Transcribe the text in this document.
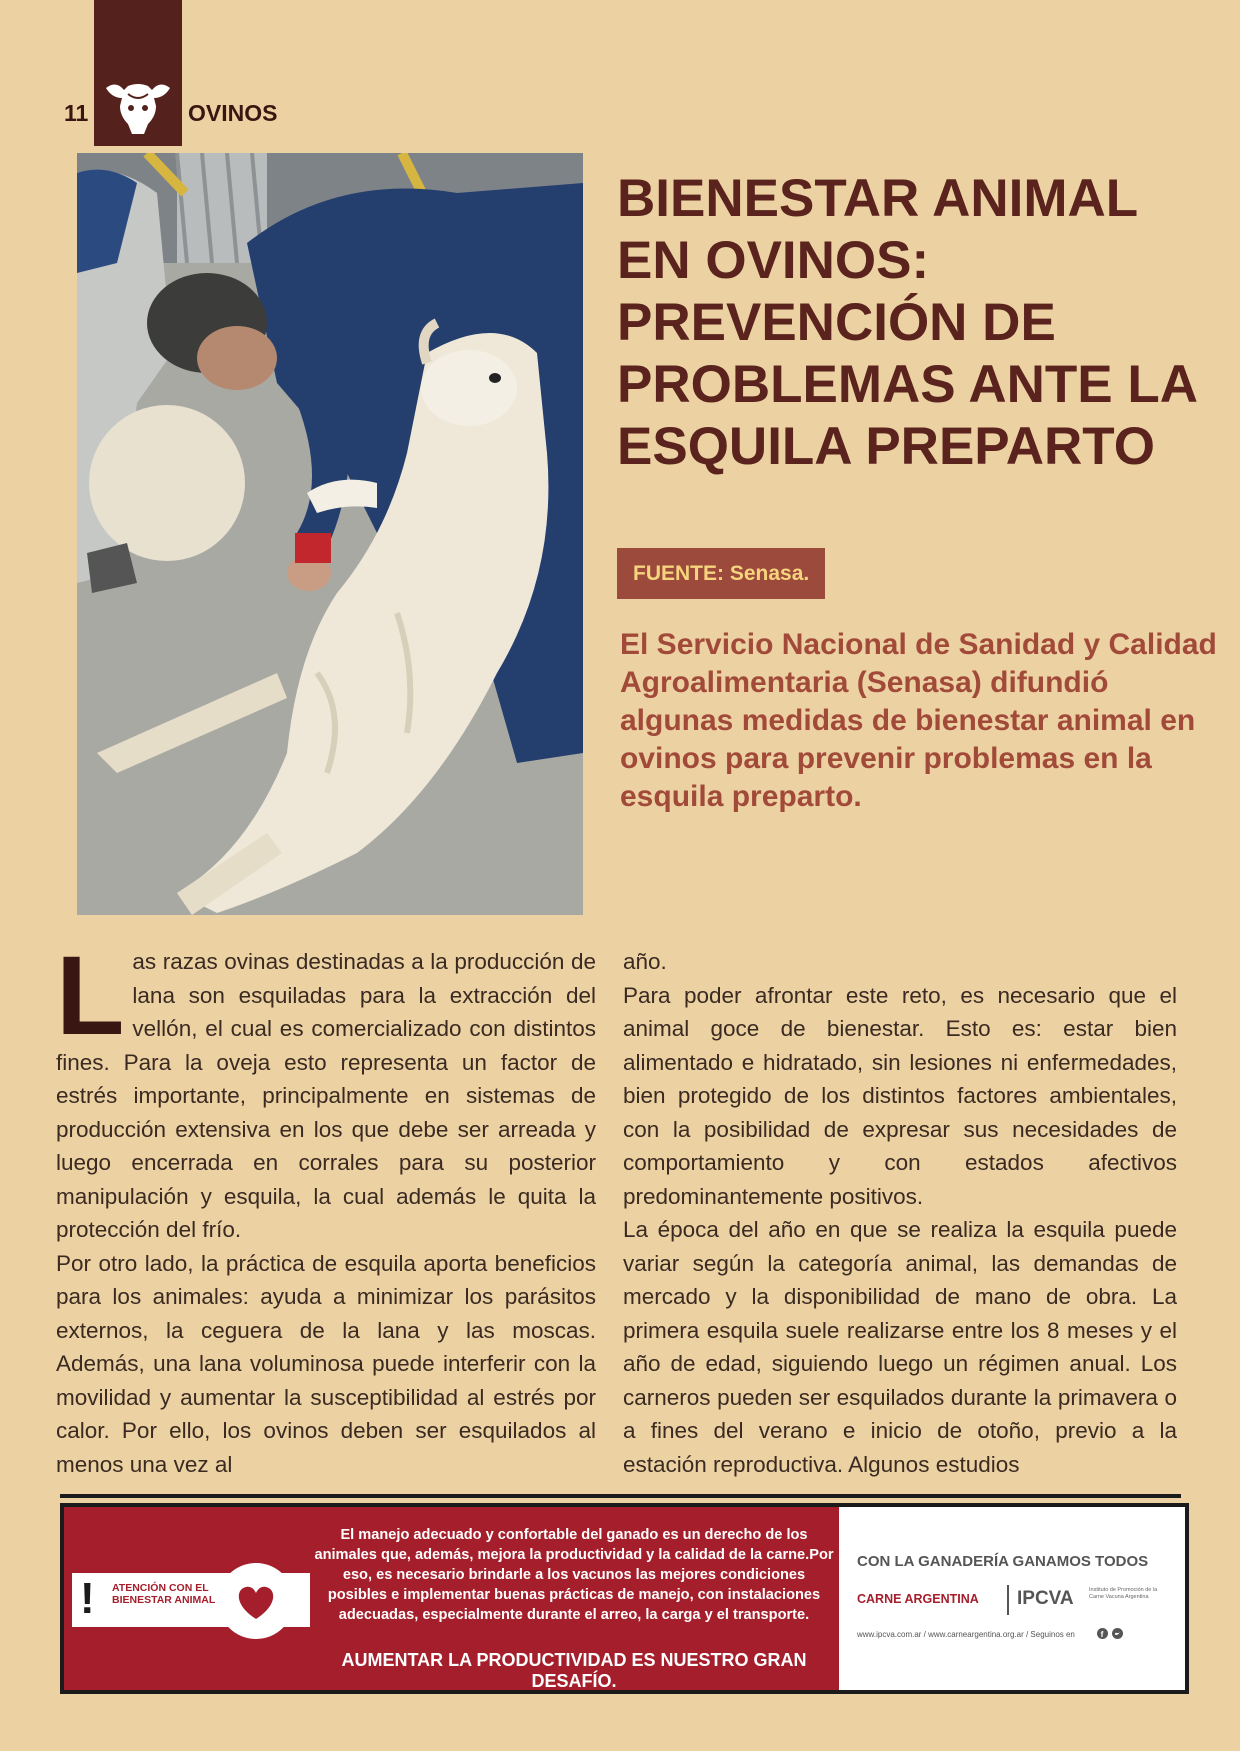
11	OVINOS
BIENESTAR ANIMAL EN OVINOS: PREVENCIÓN DE PROBLEMAS ANTE LA ESQUILA PREPARTO
FUENTE: Senasa.

El Servicio Nacional de Sanidad y Calidad Agroalimentaria (Senasa) difundió algunas medidas de bienestar animal en ovinos para prevenir problemas en la esquila preparto.

L as razas ovinas destinadas a la producción de lana son esquiladas para la extracción del vellón, el cual es comercializado con distintos fines. Para la oveja esto representa un factor de estrés importante, principalmente en sistemas de producción extensiva en los que debe ser arreada y luego encerrada en corrales para su posterior manipulación y esquila, la cual además le quita la protección del frío.

Por otro lado, la práctica de esquila aporta beneficios para los animales: ayuda a minimizar los parásitos externos, la ceguera de la lana y las moscas. Además, una lana voluminosa puede interferir con la movilidad y aumentar la susceptibilidad al estrés por calor. Por ello, los ovinos deben ser esquilados al menos una vez al

año.

Para poder afrontar este reto, es necesario que el animal goce de bienestar. Esto es: estar bien alimentado e hidratado, sin lesiones ni enfermedades, bien protegido de los distintos factores ambientales, con la posibilidad de expresar sus necesidades de comportamiento y con estados afectivos predominantemente positivos.

La época del año en que se realiza la esquila puede variar según la categoría animal, las demandas de mercado y la disponibilidad de mano de obra. La primera esquila suele realizarse entre los 8 meses y el año de edad, siguiendo luego un régimen anual. Los carneros pueden ser esquilados durante la primavera o a fines del verano e inicio de otoño, previo a la estación reproductiva. Algunos estudios

! ATENCIÓN CON EL BIENESTAR ANIMAL
El manejo adecuado y confortable del ganado es un derecho de los animales que, además, mejora la productividad y la calidad de la carne.Por eso, es necesario brindarle a los vacunos las mejores condiciones posibles e implementar buenas prácticas de manejo, con instalaciones adecuadas, especialmente durante el arreo, la carga y el transporte.
AUMENTAR LA PRODUCTIVIDAD ES NUESTRO GRAN DESAFÍO.
CON LA GANADERÍA GANAMOS TODOS
CARNE ARGENTINA IPCVA	Instituto de Promoción de la Carne Vacuna Argentina
www.ipcva.com.ar / www.carneargentina.org.ar / Seguinos en	f
